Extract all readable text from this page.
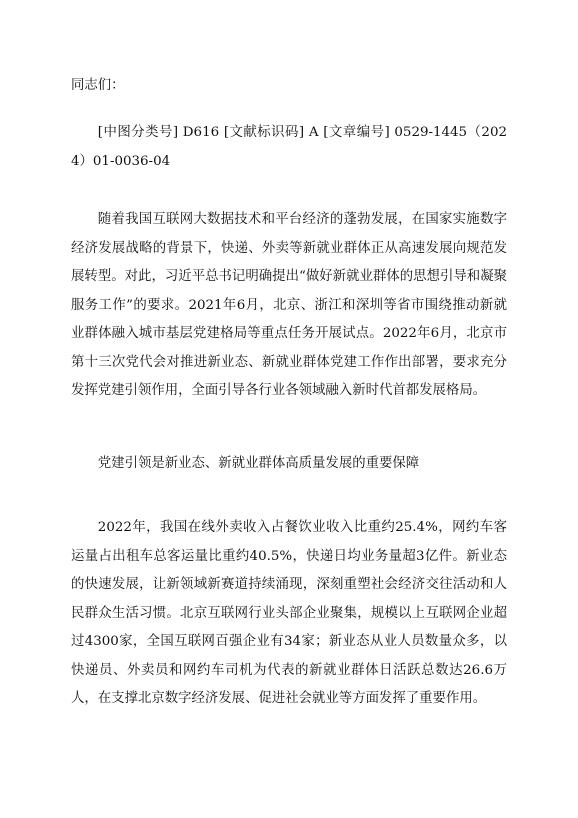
同志们：

[中图分类号] D616 [文献标识码] A [文章编号] 0529-1445（2024）01-0036-04

随着我国互联网大数据技术和平台经济的蓬勃发展，在国家实施数字经济发展战略的背景下，快递、外卖等新就业群体正从高速发展向规范发展转型。对此，习近平总书记明确提出“做好新就业群体的思想引导和凝聚服务工作”的要求。2021年6月，北京、浙江和深圳等省市围绕推动新就业群体融入城市基层党建格局等重点任务开展试点。2022年6月，北京市第十三次党代会对推进新业态、新就业群体党建工作作出部署，要求充分发挥党建引领作用，全面引导各行业各领域融入新时代首都发展格局。

党建引领是新业态、新就业群体高质量发展的重要保障

2022年，我国在线外卖收入占餐饮业收入比重约25.4%，网约车客运量占出租车总客运量比重约40.5%，快递日均业务量超3亿件。新业态的快速发展，让新领域新赛道持续涌现，深刻重塑社会经济交往活动和人民群众生活习惯。北京互联网行业头部企业聚集，规模以上互联网企业超过4300家，全国互联网百强企业有34家；新业态从业人员数量众多，以快递员、外卖员和网约车司机为代表的新就业群体日活跃总数达26.6万人，在支撑北京数字经济发展、促进社会就业等方面发挥了重要作用。
